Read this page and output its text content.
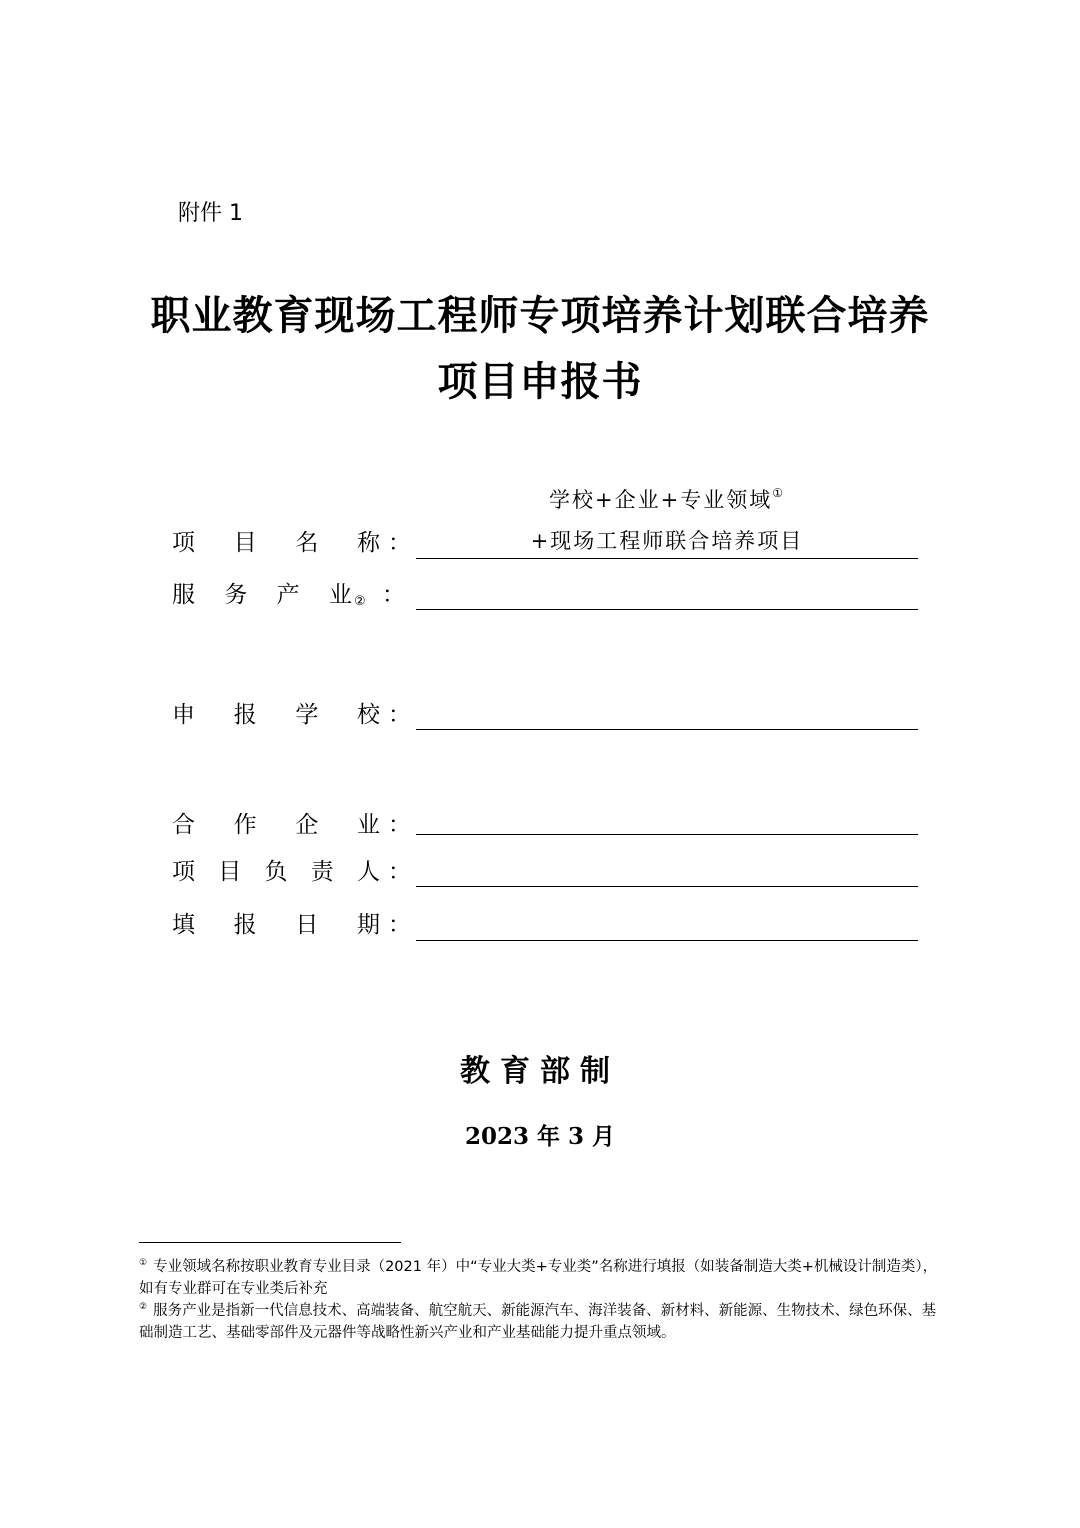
附件 1
职业教育现场工程师专项培养计划联合培养
项目申报书
学校+企业+专业领域①
+现场工程师联合培养项目
项目名称 ：
服务产业$_②$ ：
申报学校 ：
合作企业 ：
项目负责人 ：
填报日期 ：
教育部制
2023 年 3 月
① 专业领域名称按职业教育专业目录（2021 年）中“专业大类+专业类”名称进行填报（如装备制造大类+机械设计制造类），如有专业群可在专业类后补充
② 服务产业是指新一代信息技术、高端装备、航空航天、新能源汽车、海洋装备、新材料、新能源、生物技术、绿色环保、基础制造工艺、基础零部件及元器件等战略性新兴产业和产业基础能力提升重点领域。
